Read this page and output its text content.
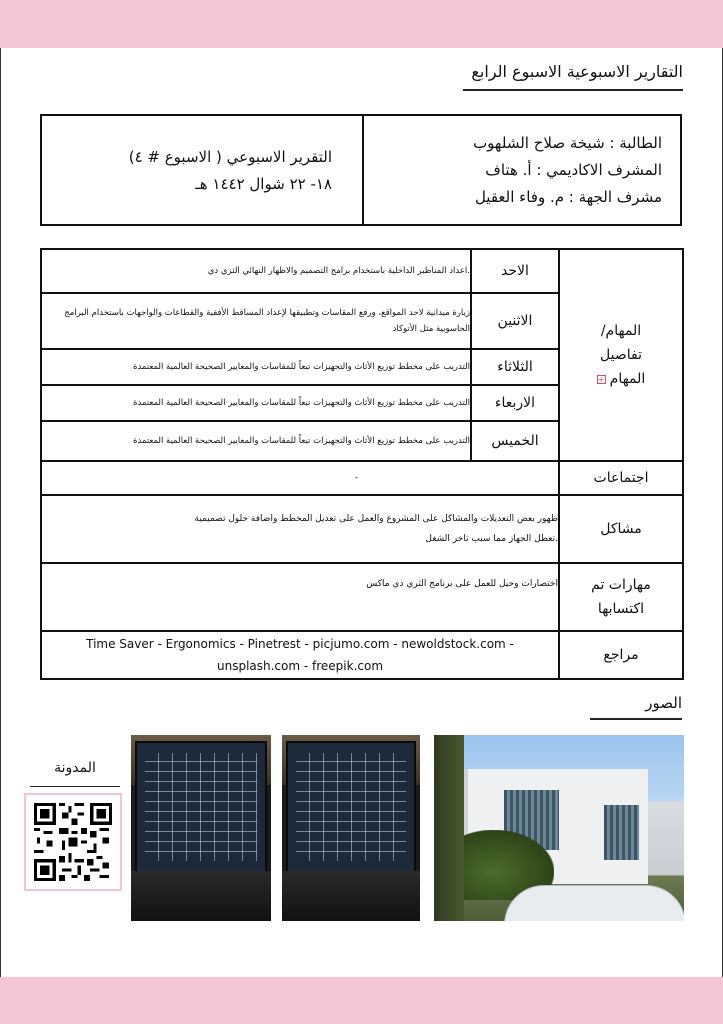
التقارير الاسبوعية الاسبوع الرابع
الطالبة : شيخة صلاح الشلهوب
المشرف الاكاديمي : أ. هتاف
مشرف الجهة : م. وفاء العقيل
التقرير الاسبوعي ( الاسبوع # ٤)
١٨- ٢٢ شوال ١٤٤٢ هـ
المهام/
تفاصيل
المهام+	الاحد	.اعداد المناظير الداخلية باستخدام برامج التصميم والاظهار النهائي الثري دي
	الاثنين	زيارة ميدانية لاحد المواقع، ورفع المقاسات وتطبيقها لإعداد المساقط الأفقية والقطاعات والواجهات باستخدام البرامج الحاسوبية مثل الأتوكاد
	الثلاثاء	التدريب على مخطط توزيع الأثاث والتجهيزات تبعاً للمقاسات والمعايير الصحيحة العالمية المعتمدة
	الاربعاء	التدريب على مخطط توزيع الأثاث والتجهيزات تبعاً للمقاسات والمعايير الصحيحة العالمية المعتمدة
	الخميس	التدريب على مخطط توزيع الأثاث والتجهيزات تبعاً للمقاسات والمعايير الصحيحة العالمية المعتمدة
اجتماعات	-	
مشاكل	ظهور بعض التعديلات والمشاكل على المشروع والعمل على تعديل المخطط واضافة حلول تصميمية
.تعطل الجهاز مما سبب تاخر الشغل	

مهارات تم
اكتسابها	اختصارات وحيل للعمل على برنامج الثري دي ماكس	
مراجع	Time Saver - Ergonomics - Pinetrest - picjumo.com - newoldstock.com -
unsplash.com - freepik.com	
الصور
المدونة
